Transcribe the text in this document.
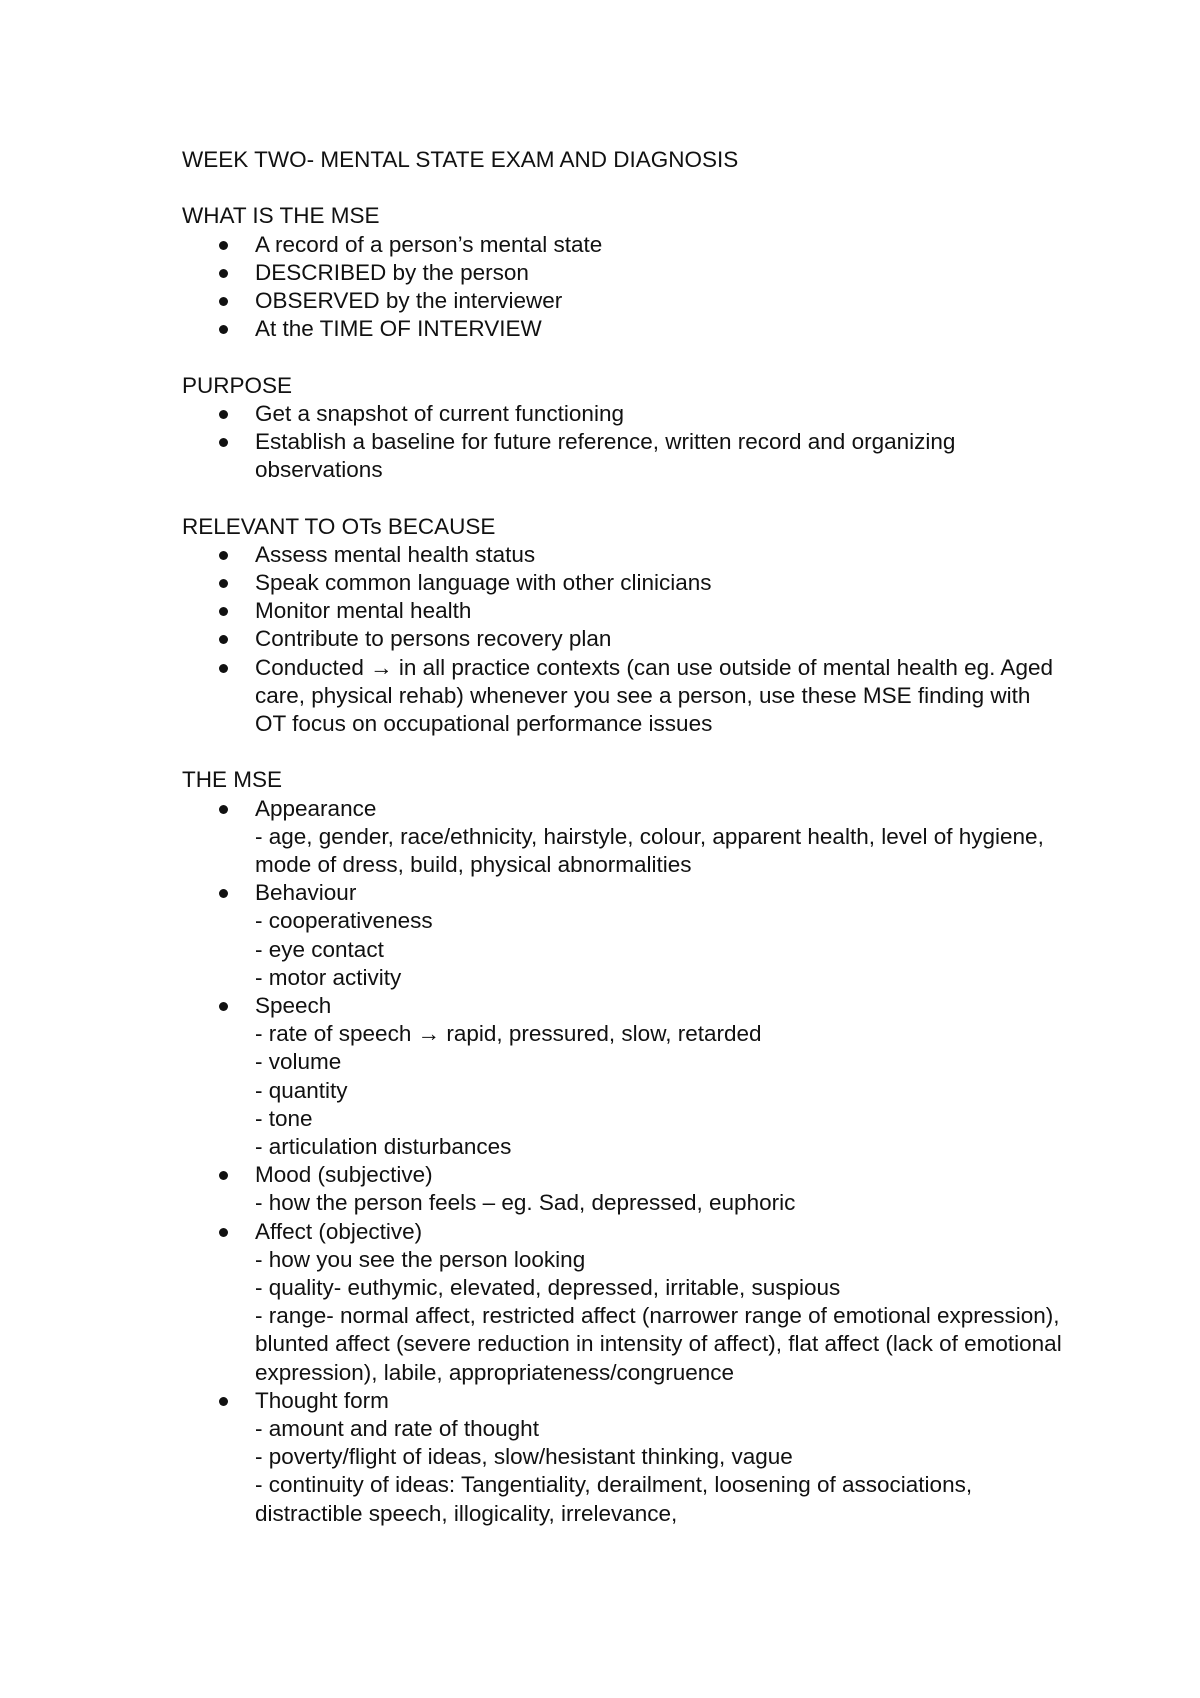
WEEK TWO- MENTAL STATE EXAM AND DIAGNOSIS
WHAT IS THE MSE
A record of a person’s mental state
DESCRIBED by the person
OBSERVED by the interviewer
At the TIME OF INTERVIEW
PURPOSE
Get a snapshot of current functioning
Establish a baseline for future reference, written record and organizing observations
RELEVANT TO OTs BECAUSE
Assess mental health status
Speak common language with other clinicians
Monitor mental health
Contribute to persons recovery plan
Conducted → in all practice contexts (can use outside of mental health eg. Aged care, physical rehab) whenever you see a person, use these MSE finding with OT focus on occupational performance issues
THE MSE
Appearance
- age, gender, race/ethnicity, hairstyle, colour, apparent health, level of hygiene, mode of dress, build, physical abnormalities
Behaviour
- cooperativeness
- eye contact
- motor activity
Speech
- rate of speech → rapid, pressured, slow, retarded
- volume
- quantity
- tone
- articulation disturbances
Mood (subjective)
- how the person feels – eg. Sad, depressed, euphoric
Affect (objective)
- how you see the person looking
- quality- euthymic, elevated, depressed, irritable, suspious
- range- normal affect, restricted affect (narrower range of emotional expression), blunted affect (severe reduction in intensity of affect), flat affect (lack of emotional expression), labile, appropriateness/congruence
Thought form
- amount and rate of thought
- poverty/flight of ideas, slow/hesistant thinking, vague
- continuity of ideas: Tangentiality, derailment, loosening of associations, distractible speech, illogicality, irrelevance,
